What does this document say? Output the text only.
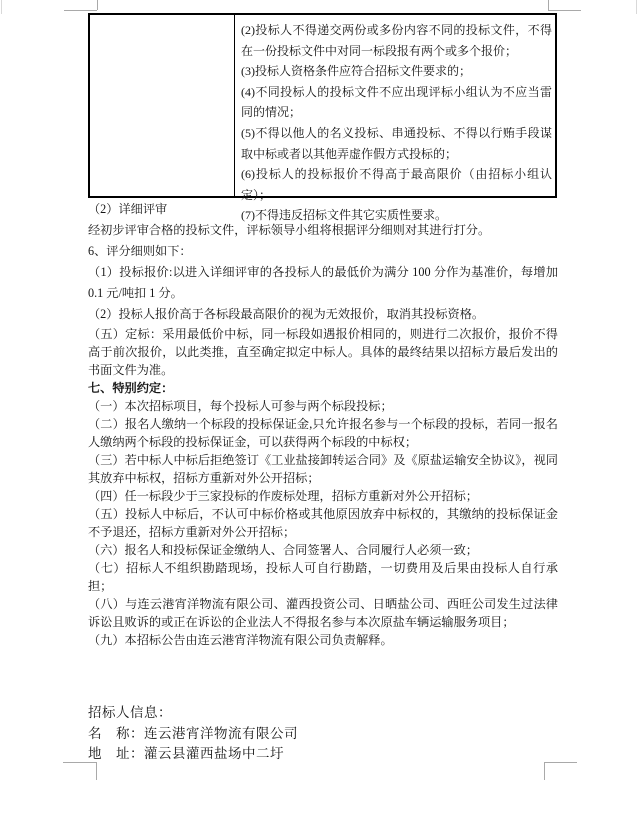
(2)投标人不得递交两份或多份内容不同的投标文件，不得在一份投标文件中对同一标段报有两个或多个报价；

(3)投标人资格条件应符合招标文件要求的；

(4)不同投标人的投标文件不应出现评标小组认为不应当雷同的情况；

(5)不得以他人的名义投标、串通投标、不得以行贿手段谋取中标或者以其他弄虚作假方式投标的；

(6)投标人的投标报价不得高于最高限价（由招标小组认定）；

(7)不得违反招标文件其它实质性要求。

（2）详细评审

经初步评审合格的投标文件，评标领导小组将根据评分细则对其进行打分。

6、评分细则如下：

（1）投标报价:以进入详细评审的各投标人的最低价为满分 100 分作为基准价，每增加 0.1 元/吨扣 1 分。

（2）投标人报价高于各标段最高限价的视为无效报价，取消其投标资格。

（五）定标：采用最低价中标，同一标段如遇报价相同的，则进行二次报价，报价不得高于前次报价，以此类推，直至确定拟定中标人。具体的最终结果以招标方最后发出的书面文件为准。

七、特别约定：

（一）本次招标项目，每个投标人可参与两个标段投标；

（二）报名人缴纳一个标段的投标保证金,只允许报名参与一个标段的投标，若同一报名人缴纳两个标段的投标保证金，可以获得两个标段的中标权；

（三）若中标人中标后拒绝签订《工业盐接卸转运合同》及《原盐运输安全协议》，视同其放弃中标权，招标方重新对外公开招标；

（四）任一标段少于三家投标的作废标处理，招标方重新对外公开招标；

（五）投标人中标后，不认可中标价格或其他原因放弃中标权的，其缴纳的投标保证金不予退还，招标方重新对外公开招标；

（六）报名人和投标保证金缴纳人、合同签署人、合同履行人必须一致；

（七）招标人不组织勘踏现场，投标人可自行勘踏，一切费用及后果由投标人自行承担；

（八）与连云港宵洋物流有限公司、灌西投资公司、日晒盐公司、西旺公司发生过法律诉讼且败诉的或正在诉讼的企业法人不得报名参与本次原盐车辆运输服务项目；

（九）本招标公告由连云港宵洋物流有限公司负责解释。

招标人信息：

名　称：连云港宵洋物流有限公司

地　址：灌云县灌西盐场中二圩
